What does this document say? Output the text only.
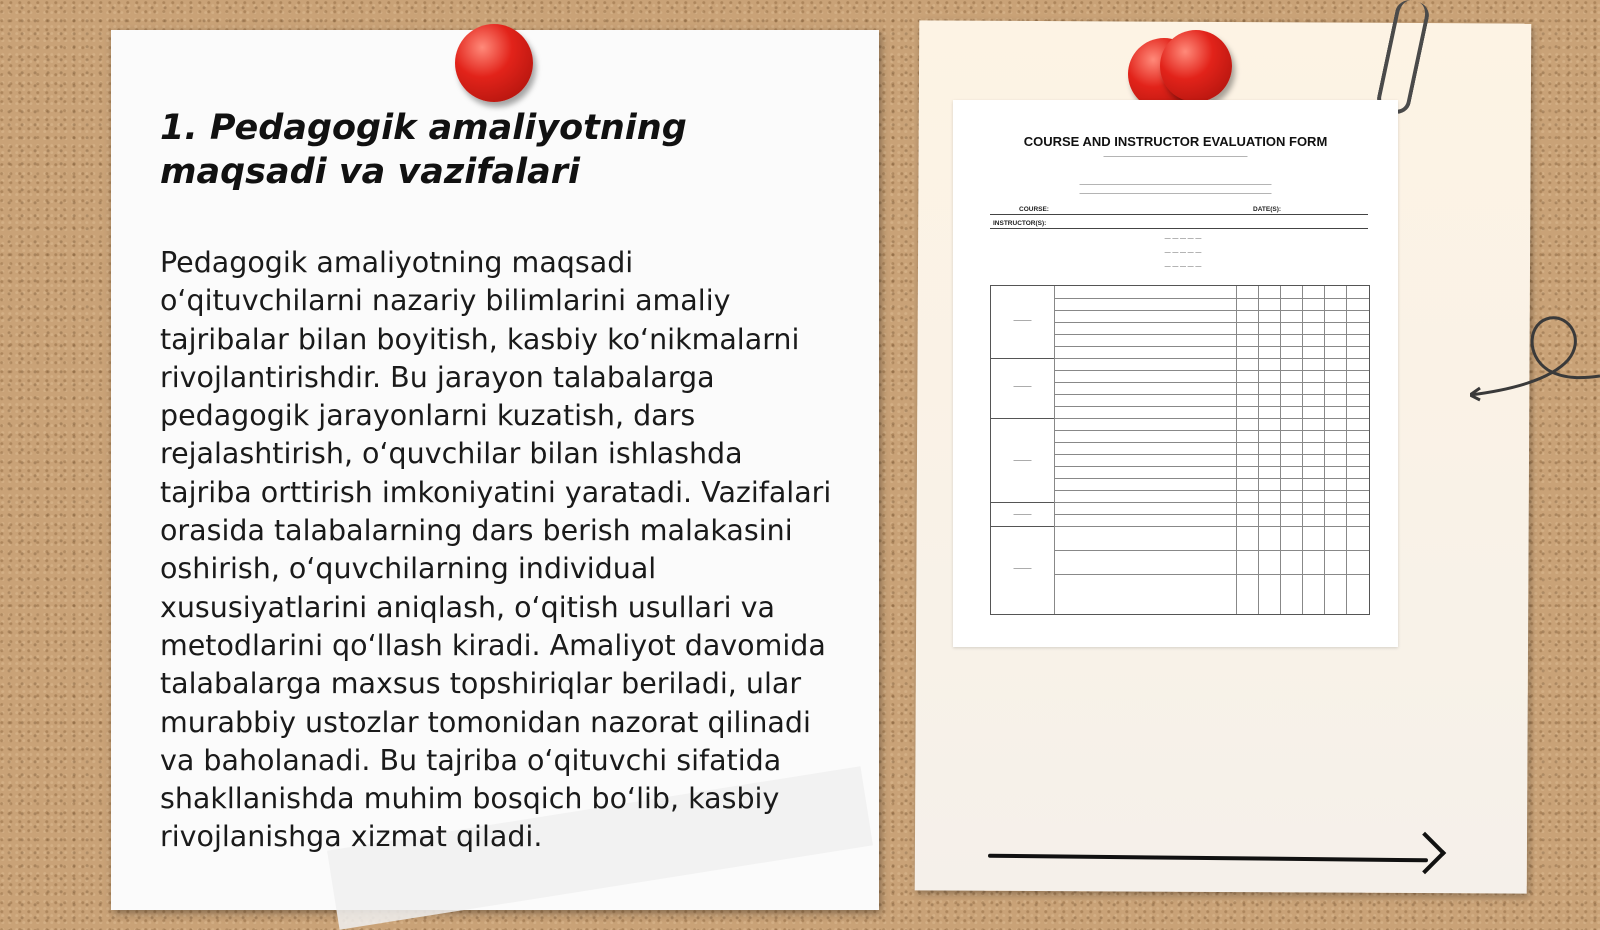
1. Pedagogik amaliyotning maqsadi va vazifalari

Pedagogik amaliyotning maqsadi o‘qituvchilarni nazariy bilimlarini amaliy tajribalar bilan boyitish, kasbiy ko‘nikmalarni rivojlantirishdir. Bu jarayon talabalarga pedagogik jarayonlarni kuzatish, dars rejalashtirish, o‘quvchilar bilan ishlashda tajriba orttirish imkoniyatini yaratadi. Vazifalari orasida talabalarning dars berish malakasini oshirish, o‘quvchilarning individual xususiyatlarini aniqlash, o‘qitish usullari va metodlarini qo‘llash kiradi. Amaliyot davomida talabalarga maxsus topshiriqlar beriladi, ular murabbiy ustozlar tomonidan nazorat qilinadi va baholanadi. Bu tajriba o‘qituvchi sifatida shakllanishda muhim bosqich bo‘lib, kasbiy rivojlanishga xizmat qiladi.

COURSE AND INSTRUCTOR EVALUATION FORM
————————————————————————
————————————————————————————————
————————————————————————————————
COURSE:	DATE(S):
INSTRUCTOR(S):
— — — — —
— — — — —
— — — — —
———
———
———
———
———
